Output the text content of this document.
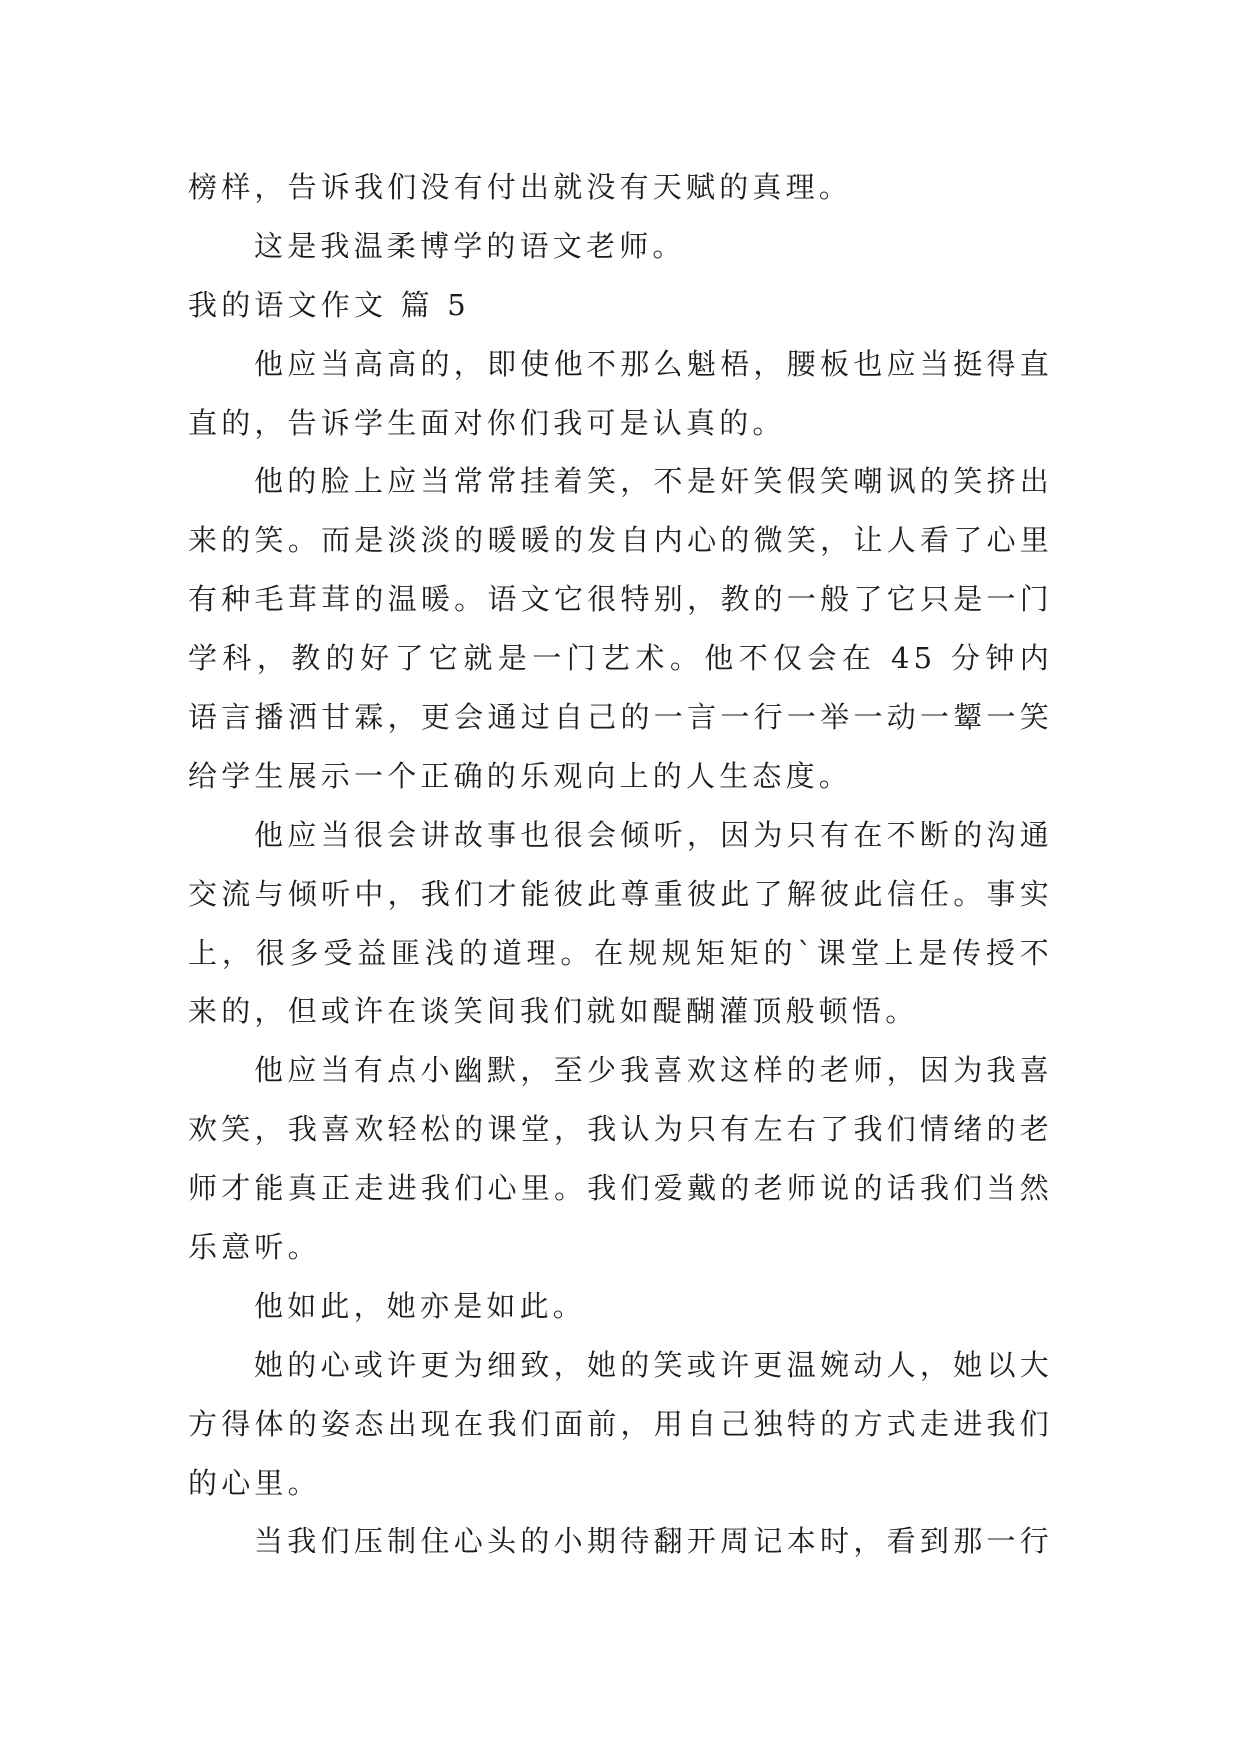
榜样，告诉我们没有付出就没有天赋的真理。
这是我温柔博学的语文老师。
我的语文作文 篇 5
他应当高高的，即使他不那么魁梧，腰板也应当挺得直
直的，告诉学生面对你们我可是认真的。
他的脸上应当常常挂着笑，不是奸笑假笑嘲讽的笑挤出
来的笑。而是淡淡的暖暖的发自内心的微笑，让人看了心里
有种毛茸茸的温暖。语文它很特别，教的一般了它只是一门
学科，教的好了它就是一门艺术。他不仅会在 45 分钟内
语言播洒甘霖，更会通过自己的一言一行一举一动一颦一笑
给学生展示一个正确的乐观向上的人生态度。
他应当很会讲故事也很会倾听，因为只有在不断的沟通
交流与倾听中，我们才能彼此尊重彼此了解彼此信任。事实
上，很多受益匪浅的道理。在规规矩矩的`课堂上是传授不
来的，但或许在谈笑间我们就如醍醐灌顶般顿悟。
他应当有点小幽默，至少我喜欢这样的老师，因为我喜
欢笑，我喜欢轻松的课堂，我认为只有左右了我们情绪的老
师才能真正走进我们心里。我们爱戴的老师说的话我们当然
乐意听。
他如此，她亦是如此。
她的心或许更为细致，她的笑或许更温婉动人，她以大
方得体的姿态出现在我们面前，用自己独特的方式走进我们
的心里。
当我们压制住心头的小期待翻开周记本时，看到那一行
